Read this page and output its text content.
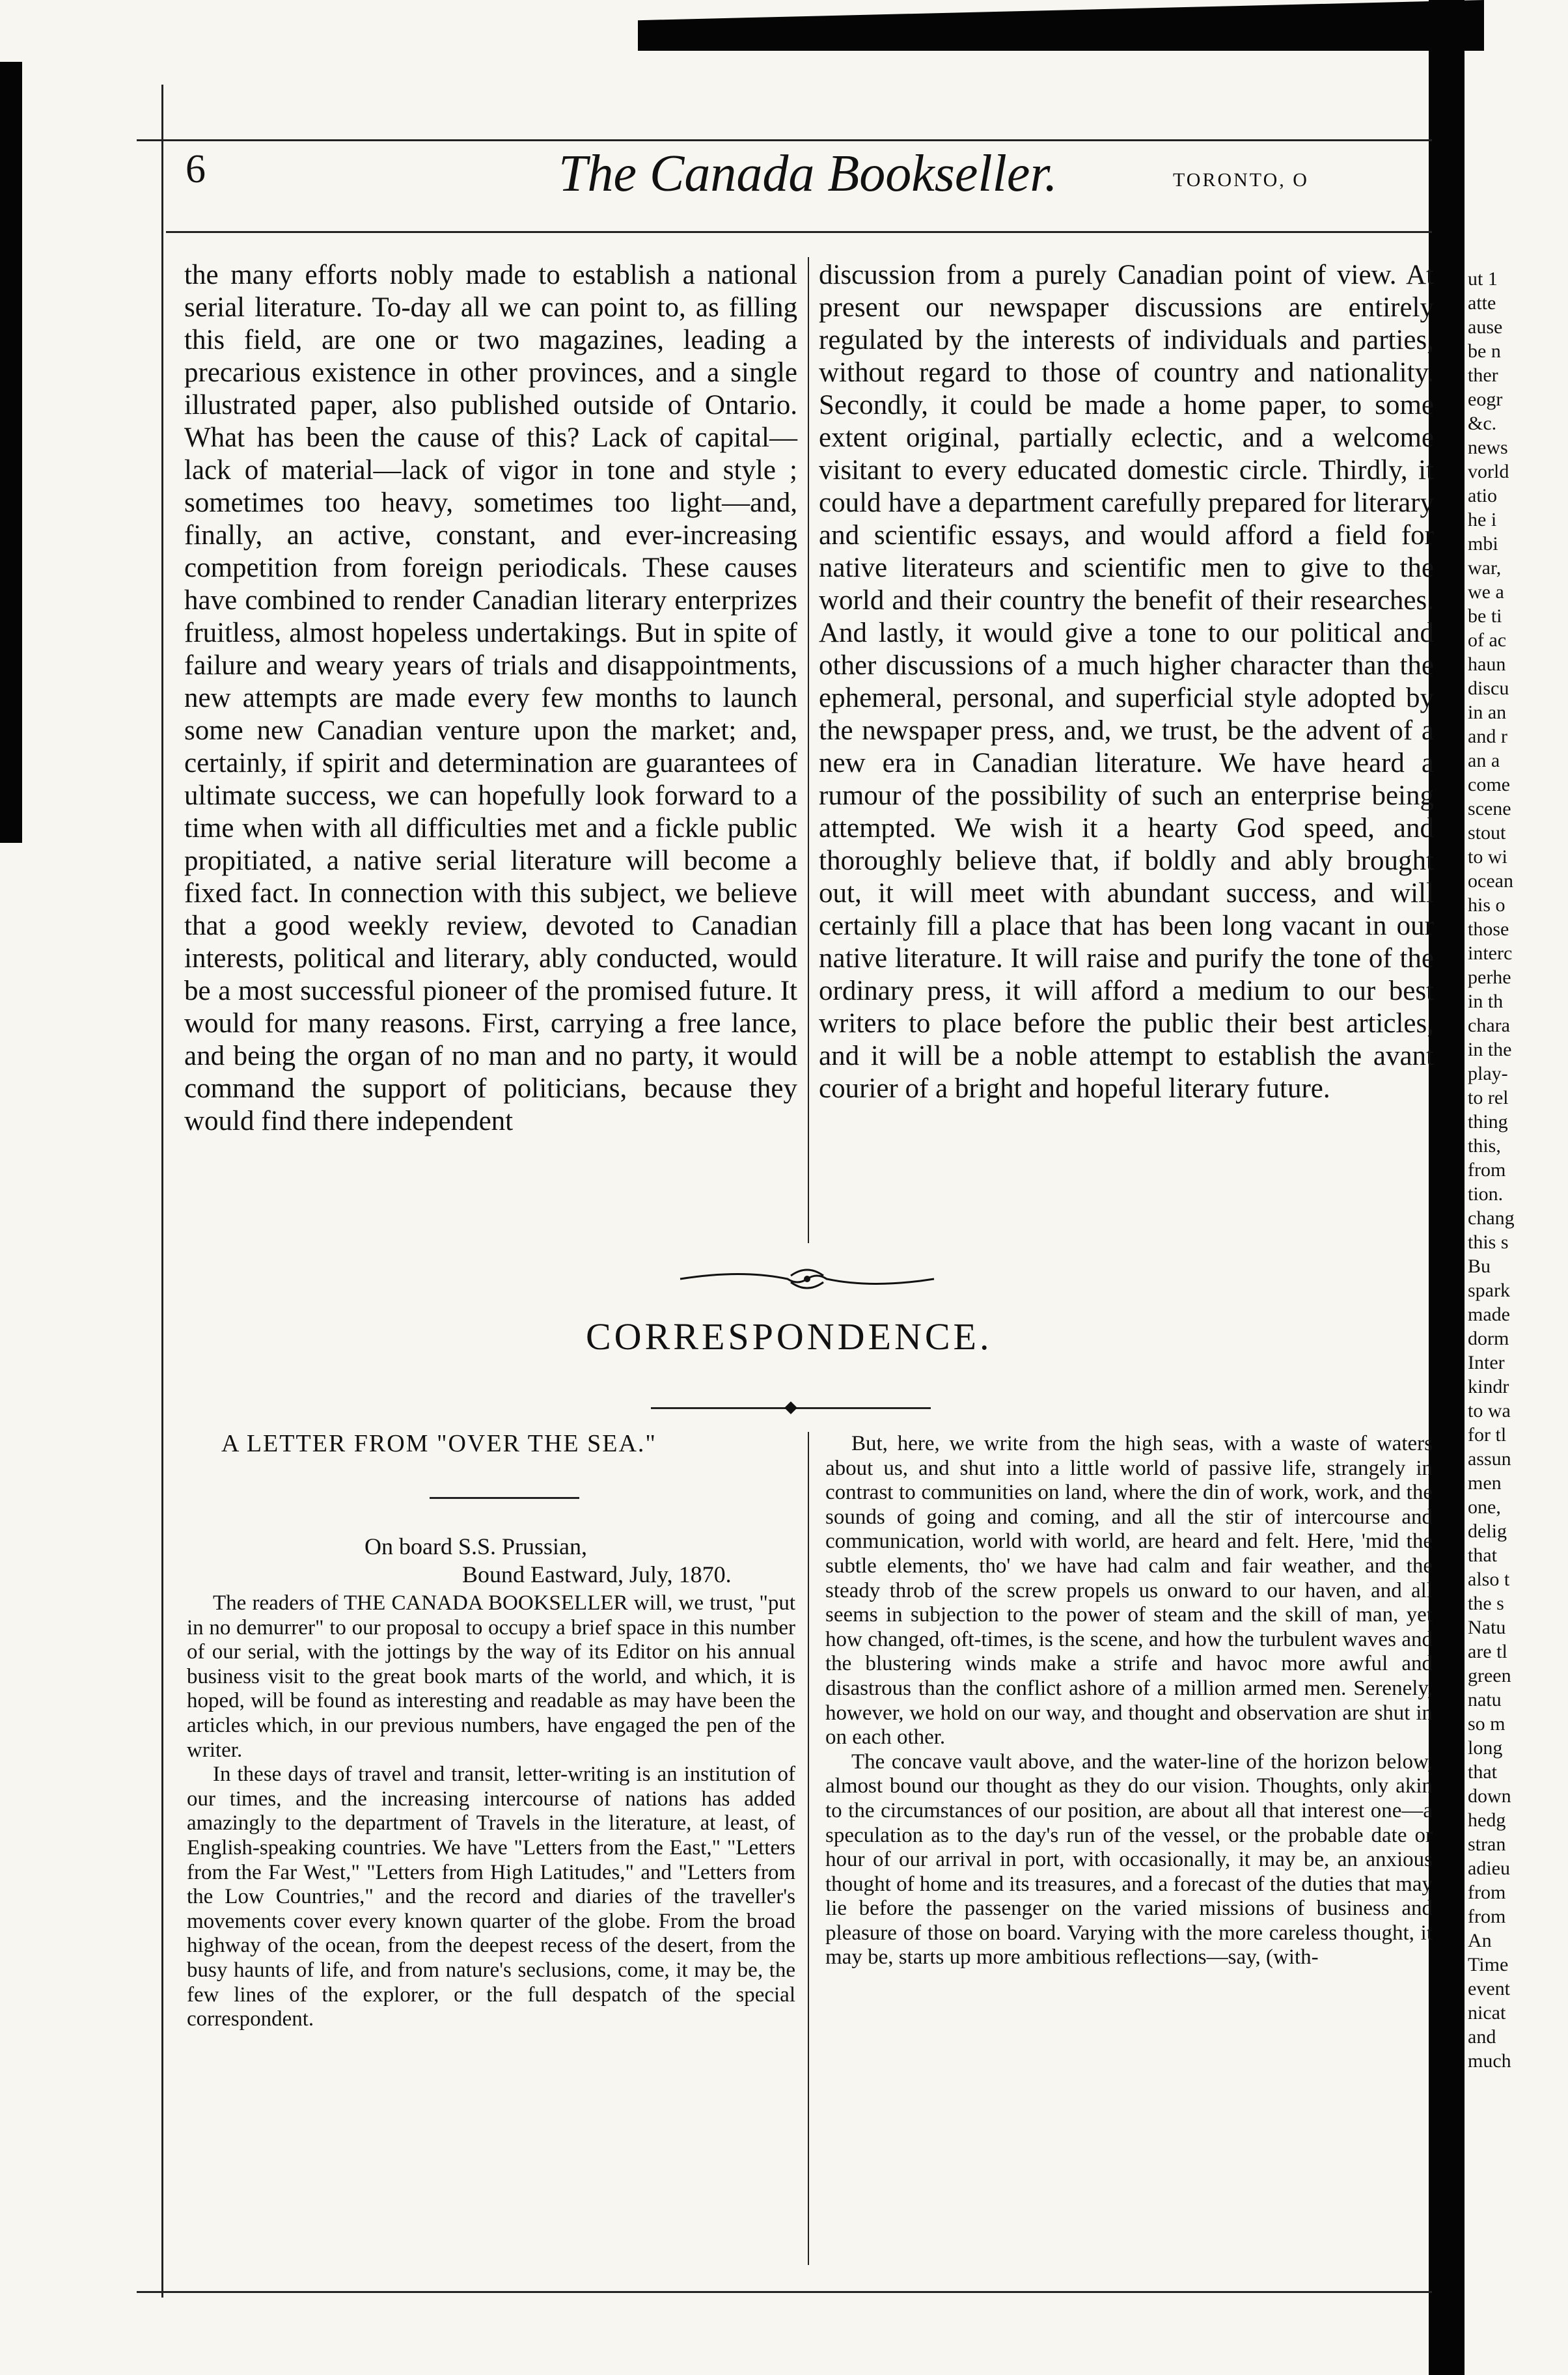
6	The Canada Bookseller.	TORONTO, O

the many efforts nobly made to establish a national serial literature. To-day all we can point to, as filling this field, are one or two magazines, leading a precarious existence in other provinces, and a single illustrated paper, also published outside of Ontario. What has been the cause of this? Lack of capital—lack of material—lack of vigor in tone and style ; sometimes too heavy, sometimes too light—and, finally, an active, constant, and ever-increasing competition from foreign periodicals. These causes have combined to render Canadian literary enterprizes fruitless, almost hopeless undertakings. But in spite of failure and weary years of trials and disappointments, new attempts are made every few months to launch some new Canadian venture upon the market; and, certainly, if spirit and determination are guarantees of ultimate success, we can hopefully look forward to a time when with all difficulties met and a fickle public propitiated, a native serial literature will become a fixed fact. In connection with this subject, we believe that a good weekly review, devoted to Canadian interests, political and literary, ably conducted, would be a most successful pioneer of the promised future. It would for many reasons. First, carrying a free lance, and being the organ of no man and no party, it would command the support of politicians, because they would find there independent

discussion from a purely Canadian point of view. At present our newspaper discussions are entirely regulated by the interests of individuals and parties, without regard to those of country and nationality. Secondly, it could be made a home paper, to some extent original, partially eclectic, and a welcome visitant to every educated domestic circle. Thirdly, it could have a department carefully prepared for literary and scientific essays, and would afford a field for native literateurs and scientific men to give to the world and their country the benefit of their researches. And lastly, it would give a tone to our political and other discussions of a much higher character than the ephemeral, personal, and superficial style adopted by the newspaper press, and, we trust, be the advent of a new era in Canadian literature. We have heard a rumour of the possibility of such an enterprise being attempted. We wish it a hearty God speed, and thoroughly believe that, if boldly and ably brought out, it will meet with abundant success, and will certainly fill a place that has been long vacant in our native literature. It will raise and purify the tone of the ordinary press, it will afford a medium to our best writers to place before the public their best articles, and it will be a noble attempt to establish the avant courier of a bright and hopeful literary future.

CORRESPONDENCE.
A LETTER FROM "OVER THE SEA."
On board S.S. Prussian,
Bound Eastward, July, 1870.

The readers of THE CANADA BOOKSELLER will, we trust, "put in no demurrer" to our proposal to occupy a brief space in this number of our serial, with the jottings by the way of its Editor on his annual business visit to the great book marts of the world, and which, it is hoped, will be found as interesting and readable as may have been the articles which, in our previous numbers, have engaged the pen of the writer.

In these days of travel and transit, letter-writing is an institution of our times, and the increasing intercourse of nations has added amazingly to the department of Travels in the literature, at least, of English-speaking countries. We have "Letters from the East," "Letters from the Far West," "Letters from High Latitudes," and "Letters from the Low Countries," and the record and diaries of the traveller's movements cover every known quarter of the globe. From the broad highway of the ocean, from the deepest recess of the desert, from the busy haunts of life, and from nature's seclusions, come, it may be, the few lines of the explorer, or the full despatch of the special correspondent.

But, here, we write from the high seas, with a waste of waters about us, and shut into a little world of passive life, strangely in contrast to communities on land, where the din of work, work, and the sounds of going and coming, and all the stir of intercourse and communication, world with world, are heard and felt. Here, 'mid the subtle elements, tho' we have had calm and fair weather, and the steady throb of the screw propels us onward to our haven, and all seems in subjection to the power of steam and the skill of man, yet how changed, oft-times, is the scene, and how the turbulent waves and the blustering winds make a strife and havoc more awful and disastrous than the conflict ashore of a million armed men. Serenely, however, we hold on our way, and thought and observation are shut in on each other.

The concave vault above, and the water-line of the horizon below, almost bound our thought as they do our vision. Thoughts, only akin to the circumstances of our position, are about all that interest one—a speculation as to the day's run of the vessel, or the probable date or hour of our arrival in port, with occasionally, it may be, an anxious thought of home and its treasures, and a forecast of the duties that may lie before the passenger on the varied missions of business and pleasure of those on board. Varying with the more careless thought, it may be, starts up more ambitious reflections—say, (with-

ut 1
atte
ause
be n
ther
eogr
&c.
news
vorld
atio
he i
mbi
war,
we a
be ti
of ac
haun
discu
in an
and r
an a
come
scene
stout
to wi
ocean
his o
those
interc
perhe
in th
chara
in the
play-
to rel
thing
this,
from
tion.
chang
this s
Bu
spark
made
dorm
Inter
kindr
to wa
for tl
assun
men
one,
delig
that
also t
the s
Natu
are tl
green
natu
so m
long
that
down
hedg
stran
adieu
from
from
An
Time
event
nicat
and
much
